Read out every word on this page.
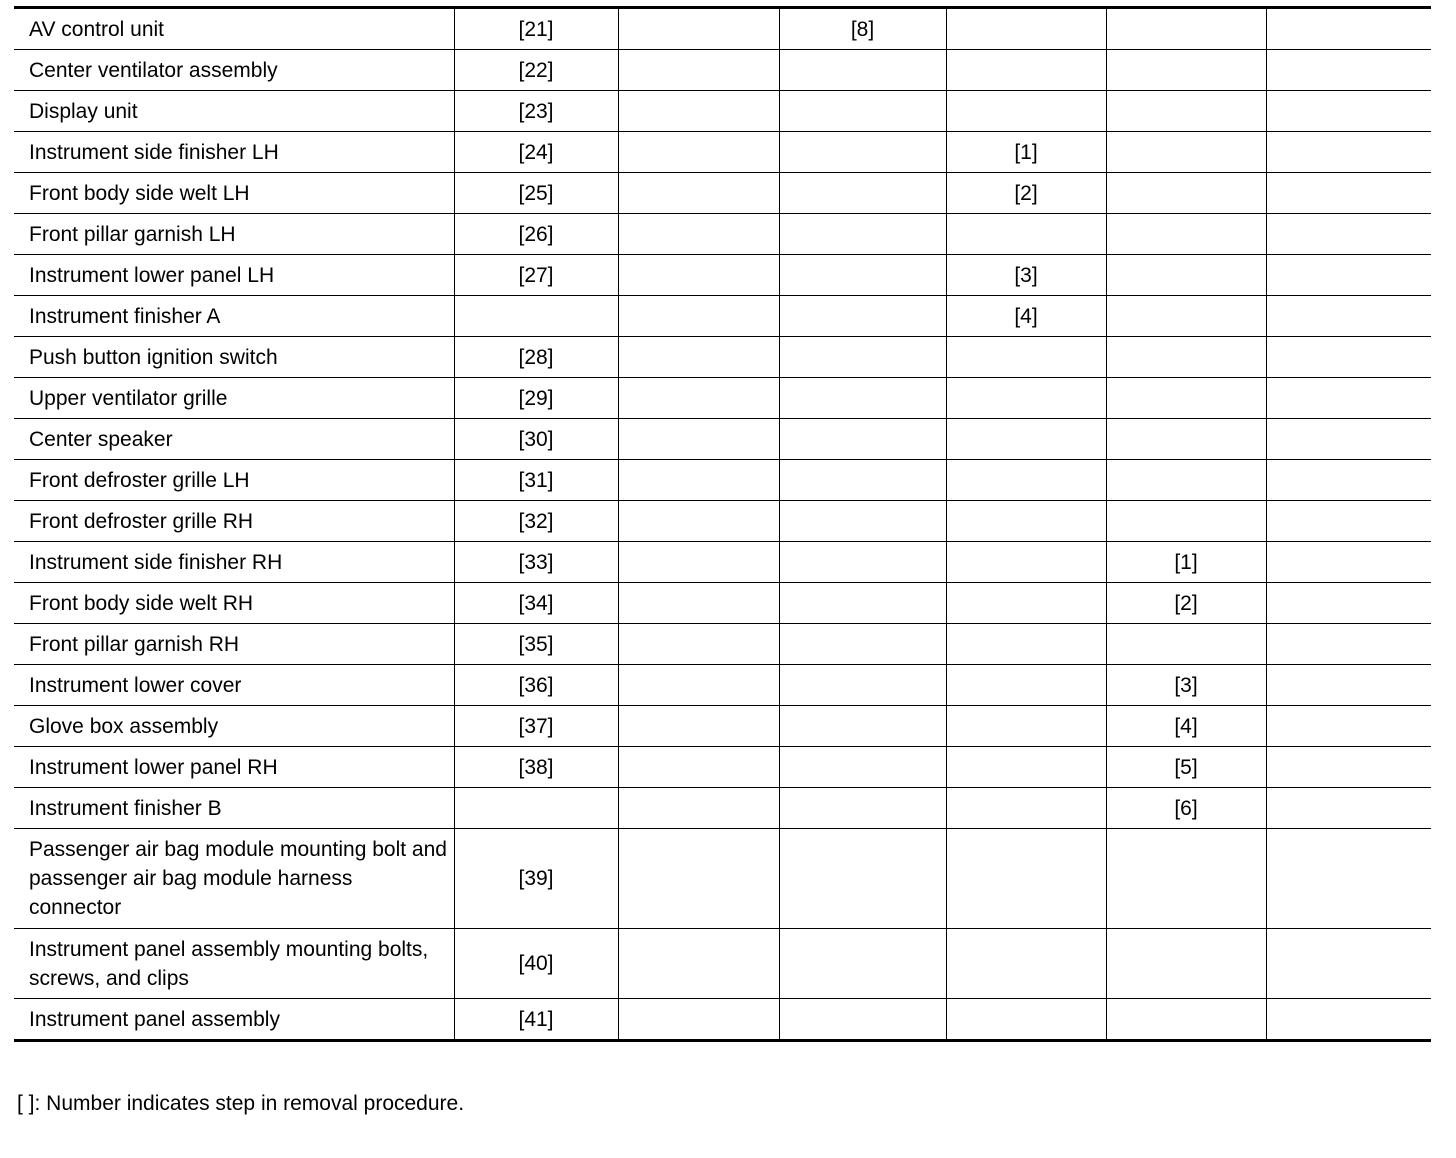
AV control unit	[21]		[8]			

Center ventilator assembly	[22]					

Display unit	[23]					

Instrument side finisher LH	[24]			[1]		

Front body side welt LH	[25]			[2]		

Front pillar garnish LH	[26]					

Instrument lower panel LH	[27]			[3]		

Instrument finisher A				[4]		

Push button ignition switch	[28]					

Upper ventilator grille	[29]					

Center speaker	[30]					

Front defroster grille LH	[31]					

Front defroster grille RH	[32]					

Instrument side finisher RH	[33]				[1]	

Front body side welt RH	[34]				[2]	

Front pillar garnish RH	[35]					

Instrument lower cover	[36]				[3]	

Glove box assembly	[37]				[4]	

Instrument lower panel RH	[38]				[5]	

Instrument finisher B					[6]	

Passenger air bag module mounting bolt and passenger air bag module harness connector	[39]					

Instrument panel assembly mounting bolts, screws, and clips	[40]					

Instrument panel assembly	[41]					
[ ]: Number indicates step in removal procedure.
